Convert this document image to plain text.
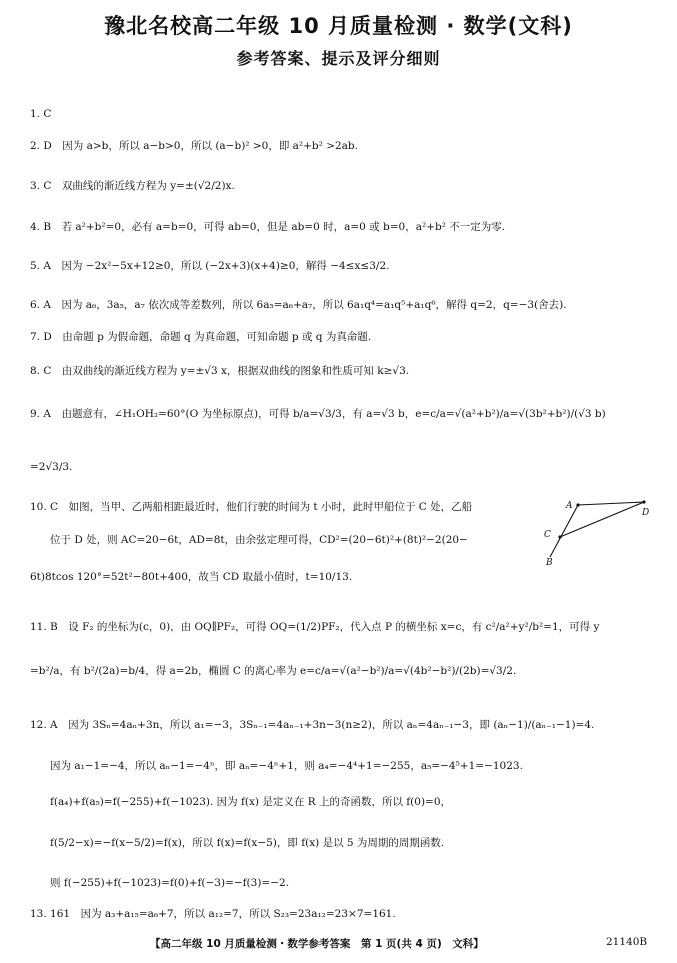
豫北名校高二年级 10 月质量检测 · 数学(文科)
参考答案、提示及评分细则
1. C
2. D　因为 a>b，所以 a−b>0，所以 (a−b)² >0，即 a²+b² >2ab.
3. C　双曲线的渐近线方程为 y=±(√2/2)x.
4. B　若 a²+b²=0，必有 a=b=0，可得 ab=0，但是 ab=0 时，a=0 或 b=0，a²+b² 不一定为零.
5. A　因为 −2x²−5x+12≥0，所以 (−2x+3)(x+4)≥0，解得 −4≤x≤3/2.
6. A　因为 a₆，3a₅，a₇ 依次成等差数列，所以 6a₅=a₆+a₇，所以 6a₁q⁴=a₁q⁵+a₁q⁶，解得 q=2，q=−3(舍去).
7. D　由命题 p 为假命题，命题 q 为真命题，可知命题 p 或 q 为真命题.
8. C　由双曲线的渐近线方程为 y=±√3 x，根据双曲线的图象和性质可知 k≥√3.
9. A　由题意有，∠H₁OH₂=60°(O 为坐标原点)，可得 b/a=√3/3，有 a=√3 b，e=c/a=√(a²+b²)/a=√(3b²+b²)/(√3 b)
=2√3/3.
10. C　如图，当甲、乙两船相距最近时，他们行驶的时间为 t 小时，此时甲船位于 C 处，乙船
位于 D 处，则 AC=20−6t，AD=8t，由余弦定理可得，CD²=(20−6t)²+(8t)²−2(20−
6t)8tcos 120°=52t²−80t+400，故当 CD 取最小值时，t=10/13.
A
D
C
B
11. B　设 F₂ 的坐标为(c，0)，由 OQ∥PF₂，可得 OQ=(1/2)PF₂，代入点 P 的横坐标 x=c，有 c²/a²+y²/b²=1，可得 y
=b²/a，有 b²/(2a)=b/4，得 a=2b，椭圆 C 的离心率为 e=c/a=√(a²−b²)/a=√(4b²−b²)/(2b)=√3/2.
12. A　因为 3Sₙ=4aₙ+3n，所以 a₁=−3，3Sₙ₋₁=4aₙ₋₁+3n−3(n≥2)，所以 aₙ=4aₙ₋₁−3，即 (aₙ−1)/(aₙ₋₁−1)=4.
因为 a₁−1=−4，所以 aₙ−1=−4ⁿ，即 aₙ=−4ⁿ+1，则 a₄=−4⁴+1=−255，a₅=−4⁵+1=−1023.
f(a₄)+f(a₅)=f(−255)+f(−1023). 因为 f(x) 是定义在 R 上的奇函数，所以 f(0)=0，
f(5/2−x)=−f(x−5/2)=f(x)，所以 f(x)=f(x−5)，即 f(x) 是以 5 为周期的周期函数.
则 f(−255)+f(−1023)=f(0)+f(−3)=−f(3)=−2.
13. 161　因为 a₃+a₁₅=a₆+7，所以 a₁₂=7，所以 S₂₃=23a₁₂=23×7=161.
【高二年级 10 月质量检测・数学参考答案　第 1 页(共 4 页)　文科】	21140B
